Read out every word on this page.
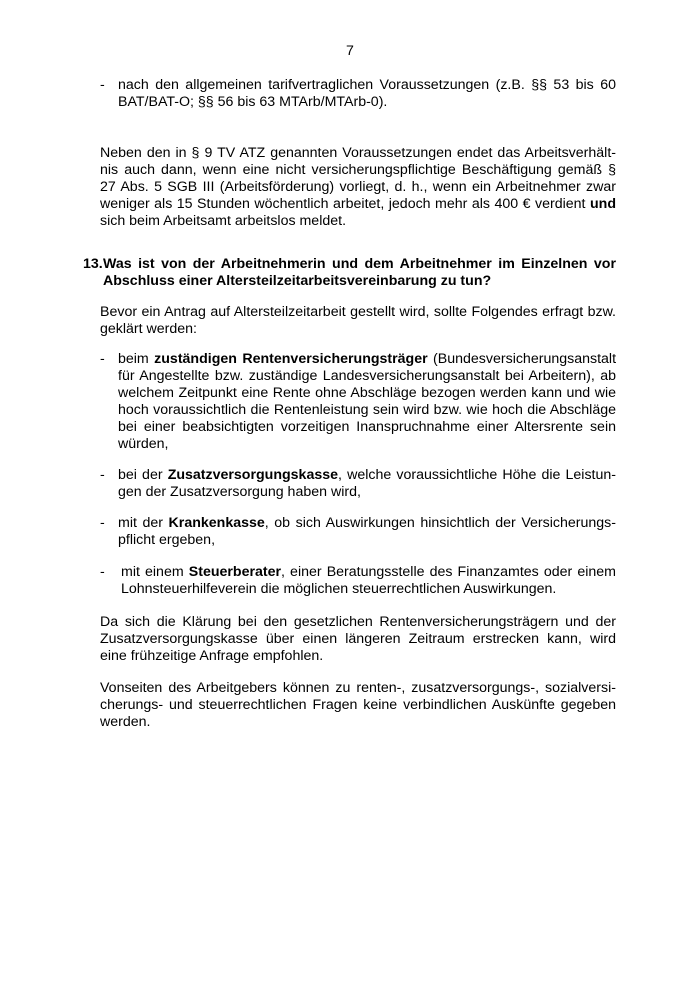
7
- nach den allgemeinen tarifvertraglichen Voraussetzungen (z.B. §§ 53 bis 60 BAT/BAT-O; §§ 56 bis 63 MTArb/MTArb-0).
Neben den in § 9 TV ATZ genannten Voraussetzungen endet das Arbeitsverhältnis auch dann, wenn eine nicht versicherungspflichtige Beschäftigung gemäß § 27 Abs. 5 SGB III (Arbeitsförderung) vorliegt, d. h., wenn ein Arbeitnehmer zwar weniger als 15 Stunden wöchentlich arbeitet, jedoch mehr als 400 € verdient und sich beim Arbeitsamt arbeitslos meldet.
13. Was ist von der Arbeitnehmerin und dem Arbeitnehmer im Einzelnen vor Abschluss einer Altersteilzeitarbeitsvereinbarung zu tun?
Bevor ein Antrag auf Altersteilzeitarbeit gestellt wird, sollte Folgendes erfragt bzw. geklärt werden:
- beim zuständigen Rentenversicherungsträger (Bundesversicherungsanstalt für Angestellte bzw. zuständige Landesversicherungsanstalt bei Arbeitern), ab welchem Zeitpunkt eine Rente ohne Abschläge bezogen werden kann und wie hoch voraussichtlich die Rentenleistung sein wird bzw. wie hoch die Abschläge bei einer beabsichtigten vorzeitigen Inanspruchnahme einer Altersrente sein würden,
- bei der Zusatzversorgungskasse, welche voraussichtliche Höhe die Leistungen der Zusatzversorgung haben wird,
- mit der Krankenkasse, ob sich Auswirkungen hinsichtlich der Versicherungspflicht ergeben,
- mit einem Steuerberater, einer Beratungsstelle des Finanzamtes oder einem Lohnsteuerhilfeverein die möglichen steuerrechtlichen Auswirkungen.
Da sich die Klärung bei den gesetzlichen Rentenversicherungsträgern und der Zusatzversorgungskasse über einen längeren Zeitraum erstrecken kann, wird eine frühzeitige Anfrage empfohlen.
Vonseiten des Arbeitgebers können zu renten-, zusatzversorgungs-, sozialversicherungs- und steuerrechtlichen Fragen keine verbindlichen Auskünfte gegeben werden.
